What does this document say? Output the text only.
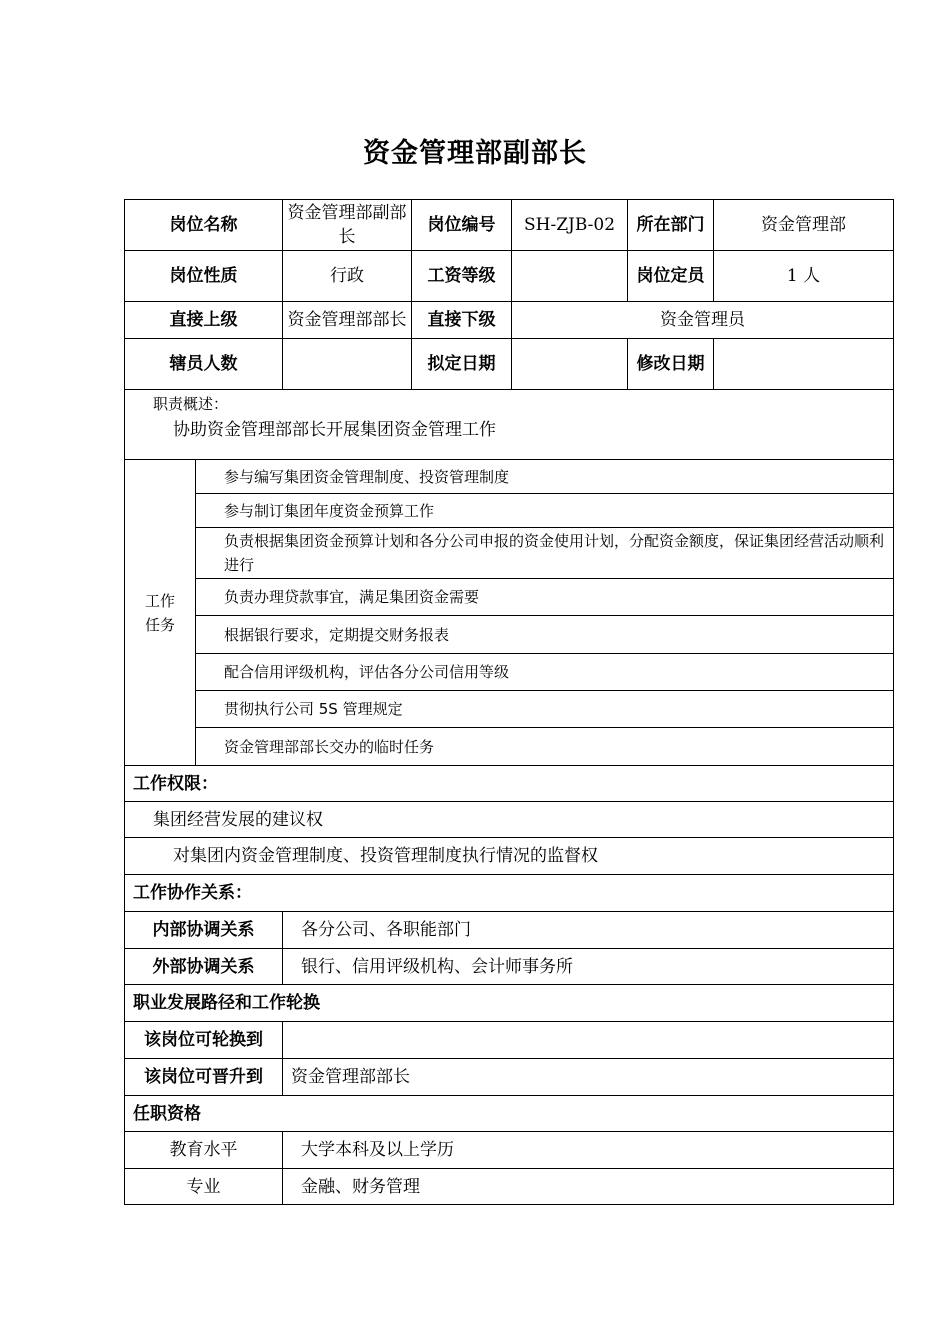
资金管理部副部长
岗位名称		资金管理部副部长	岗位编号	SH-ZJB-02	所在部门	资金管理部
岗位性质		行政	工资等级		岗位定员	1 人
直接上级		资金管理部部长	直接下级	资金管理员		
辖员人数			拟定日期		修改日期	

职责概述：
协助资金管理部部长开展集团资金管理工作						

工作任务	参与编写集团资金管理制度、投资管理制度					
	参与制订集团年度资金预算工作					
	负责根据集团资金预算计划和各分公司申报的资金使用计划，分配资金额度，保证集团经营活动顺利进行					
	负责办理贷款事宜，满足集团资金需要					
	根据银行要求，定期提交财务报表					
	配合信用评级机构，评估各分公司信用等级					
	贯彻执行公司 5S 管理规定					
	资金管理部部长交办的临时任务					
工作权限：						
集团经营发展的建议权						
对集团内资金管理制度、投资管理制度执行情况的监督权						
工作协作关系：						
内部协调关系		各分公司、各职能部门				
外部协调关系		银行、信用评级机构、会计师事务所				
职业发展路径和工作轮换						
该岗位可轮换到						
该岗位可晋升到		资金管理部部长				
任职资格						
教育水平		大学本科及以上学历				
专业		金融、财务管理				
